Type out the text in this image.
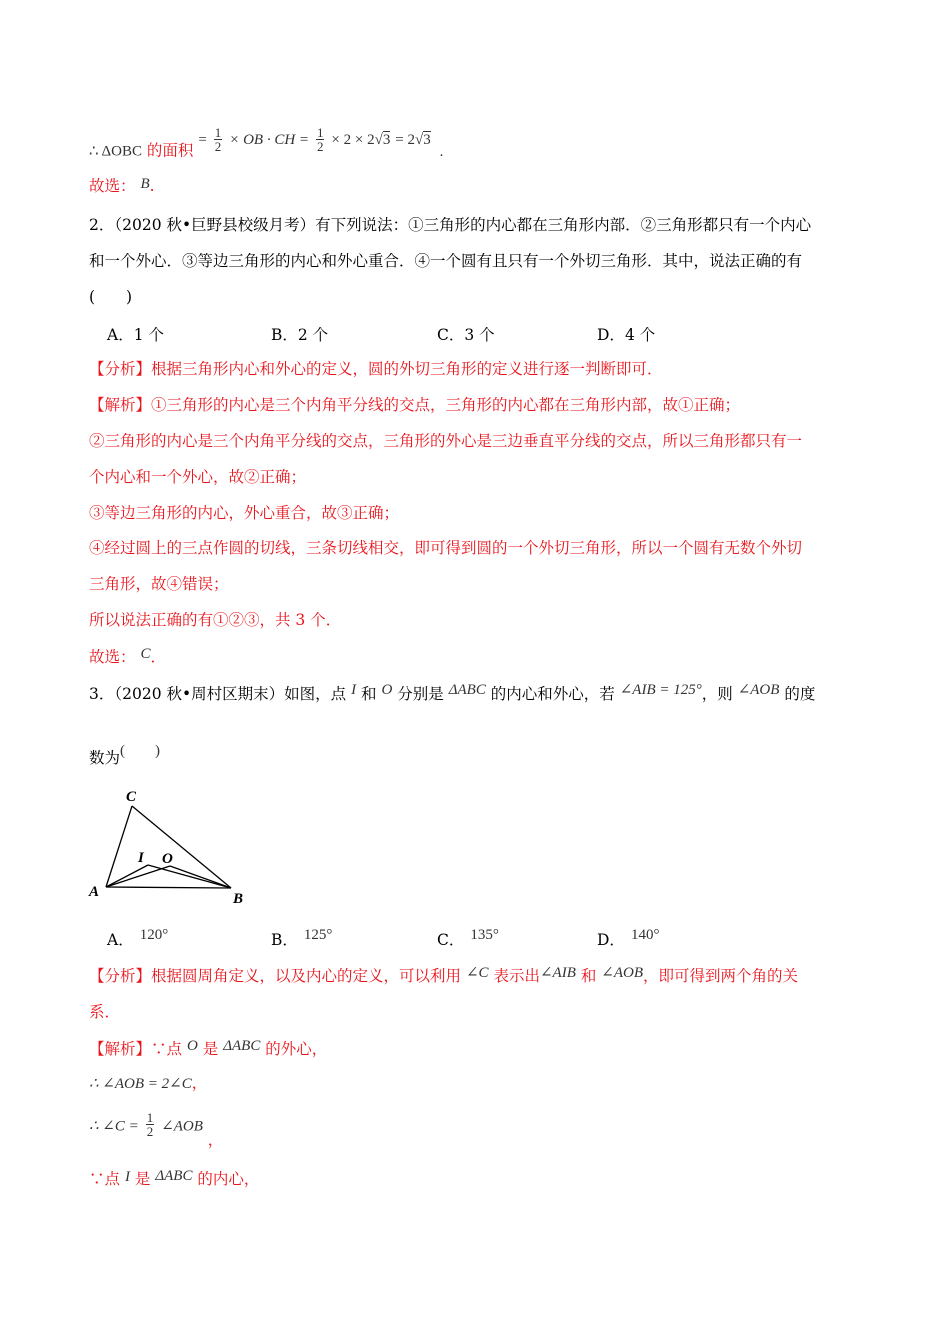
∴ ΔOBC 的面积 = $\frac{1}{2}$ × OB · CH = $\frac{1}{2} \times 2 \times 2√3 = 2√3$ .
故选： B.
2．（2020 秋•巨野县校级月考）有下列说法：①三角形的内心都在三角形内部．②三角形都只有一个内心
和一个外心．③等边三角形的内心和外心重合．④一个圆有且只有一个外切三角形．其中，说法正确的有
(　　)
A．1 个	B．2 个	C．3 个	D．4 个
【分析】根据三角形内心和外心的定义，圆的外切三角形的定义进行逐一判断即可．
【解析】①三角形的内心是三个内角平分线的交点，三角形的内心都在三角形内部，故①正确；
②三角形的内心是三个内角平分线的交点，三角形的外心是三边垂直平分线的交点，所以三角形都只有一
个内心和一个外心，故②正确；
③等边三角形的内心，外心重合，故③正确；
④经过圆上的三点作圆的切线，三条切线相交，即可得到圆的一个外切三角形，所以一个圆有无数个外切
三角形，故④错误；
所以说法正确的有①②③，共 3 个．
故选： C．
3．（2020 秋•周村区期末）如图，点 I 和 O 分别是 ΔABC 的内心和外心，若 ∠AIB = 125°，则 ∠AOB 的度
数为(　　)
C
I O
A	B
A． 120°	B． 125°	C． 135°	D． 140°
【分析】根据圆周角定义，以及内心的定义，可以利用 ∠C 表示出∠AIB 和 ∠AOB，即可得到两个角的关
系．
【解析】∵点 O 是 ΔABC 的外心，
∴ ∠AOB = 2∠C，
∴ ∠C = $\frac{1}{2}$ ∠AOB ，
∵点 I 是 ΔABC 的内心，
